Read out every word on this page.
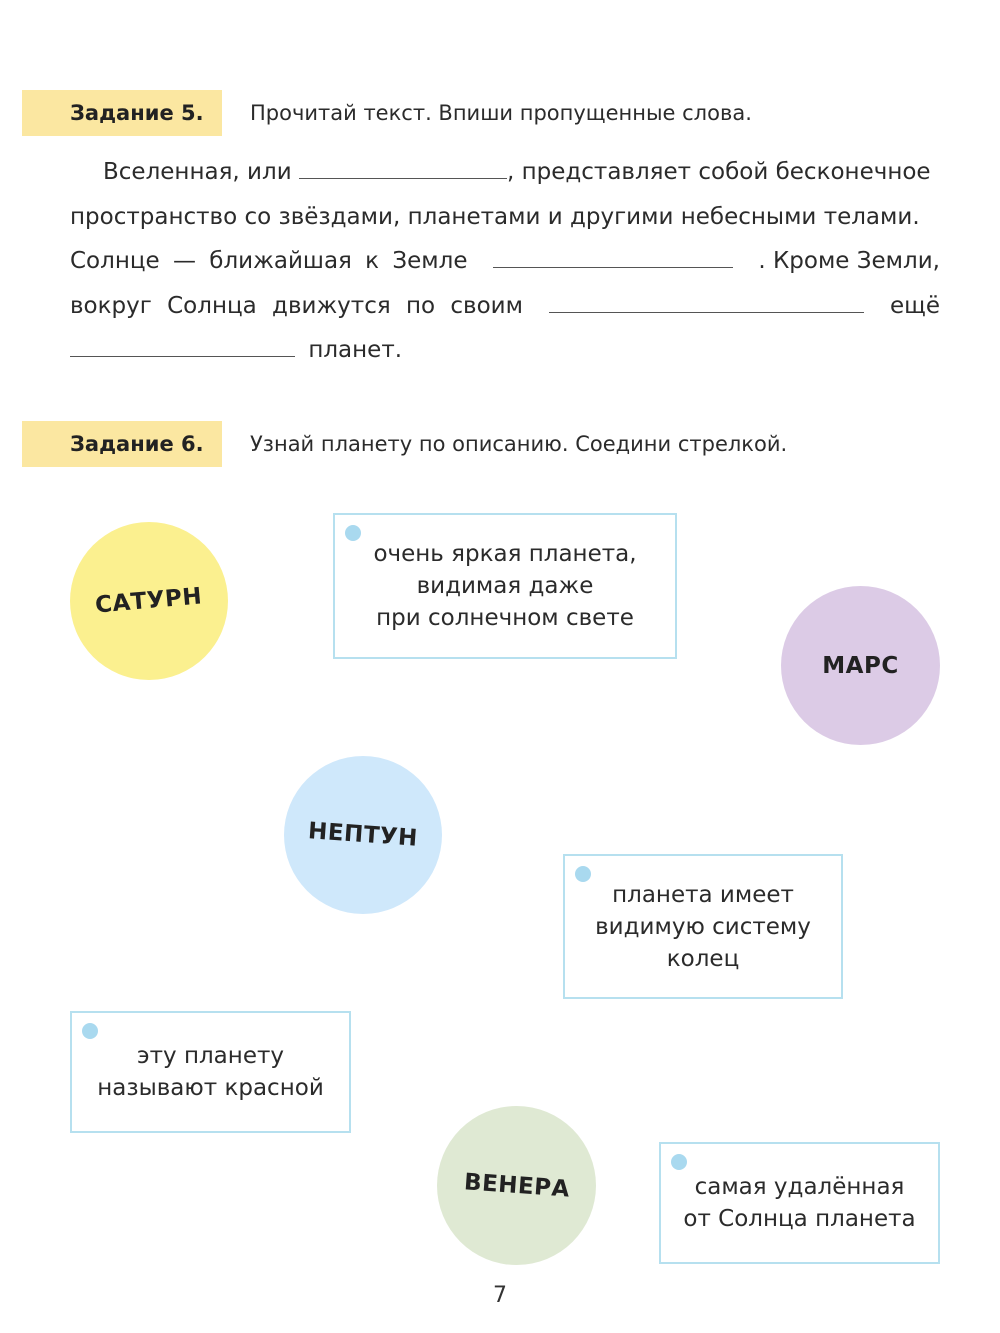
Задание 5.	Прочитай текст. Впиши пропущенные слова.
Вселенная, или	, представляет собой бесконечное
пространство со звёздами, планетами и другими небесными телами.
Солнце — ближайшая к Земле	. Кроме Земли,
вокруг Солнца движутся по своим	ещё
планет.
Задание 6.	Узнай планету по описанию. Соедини стрелкой.
САТУРН
МАРС
НЕПТУН
ВЕНЕРА
очень яркая планета,
видимая даже
при солнечном свете
планета имеет
видимую систему
колец
эту планету
называют красной
самая удалённая
от Солнца планета
7
